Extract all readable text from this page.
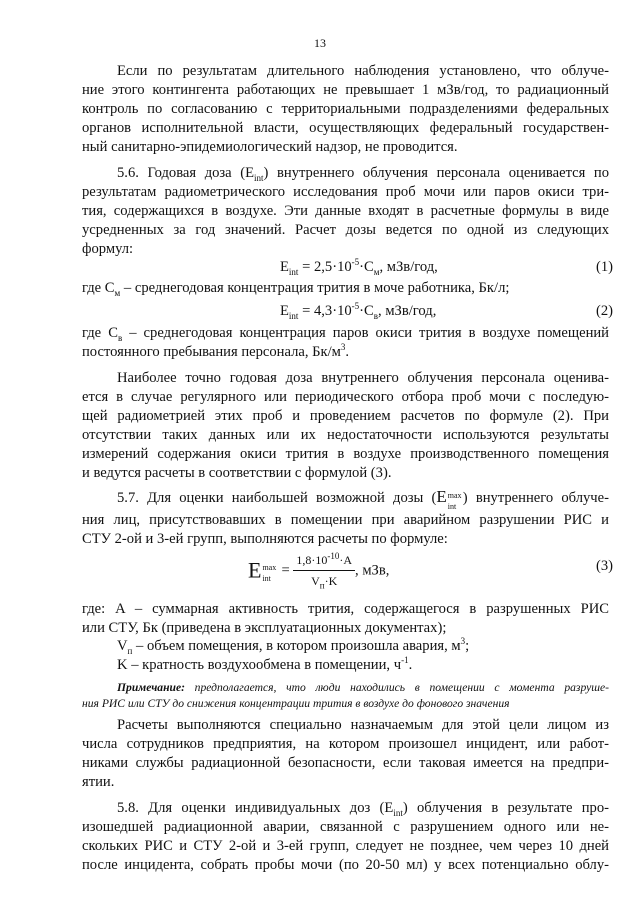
13
Если по результатам длительного наблюдения установлено, что облуче-
ние этого контингента работающих не превышает 1 мЗв/год, то радиационный
контроль по согласованию с территориальными подразделениями федеральных
органов исполнительной власти, осуществляющих федеральный государствен-
ный санитарно-эпидемиологический надзор, не проводится.
5.6. Годовая доза $(E_{int})$ внутреннего облучения персонала оценивается по
результатам радиометрического исследования проб мочи или паров окиси три-
тия, содержащихся в воздухе. Эти данные входят в расчетные формулы в виде
усредненных за год значений. Расчет дозы ведется по одной из следующих
формул:
$E_{int} = 2,5\cdot 10^{-5}\cdot C_м$, мЗв/год,	(1)
где $C_м$ – среднегодовая концентрация трития в моче работника, Бк/л;
$E_{int} = 4,3\cdot 10^{-5}\cdot C_в$, мЗв/год,	(2)
где $C_в$ – среднегодовая концентрация паров окиси трития в воздухе помещений
постоянного пребывания персонала, $Бк/м^3$.
Наиболее точно годовая доза внутреннего облучения персонала оценива-
ется в случае регулярного или периодического отбора проб мочи с последую-
щей радиометрией этих проб и проведением расчетов по формуле (2). При
отсутствии таких данных или их недостаточности используются результаты
измерений содержания окиси трития в воздухе производственного помещения
и ведутся расчеты в соответствии с формулой (3).
5.7. Для оценки наибольшей возможной дозы (E max
int
) внутреннего облуче-
ния лиц, присутствовавших в помещении при аварийном разрушении РИС и
СТУ 2-ой и 3-ей групп, выполняются расчеты по формуле:
E max
int = $\frac{1,8\cdot 10^{-10}\cdot A}{V_п\cdot K}$ , мЗв,	(3)
где: A – суммарная активность трития, содержащегося в разрушенных РИС
или СТУ, Бк (приведена в эксплуатационных документах);
$V_п$ – объем помещения, в котором произошла авария, $м^3$;
K – кратность воздухообмена в помещении, $ч^{-1}$.
Примечание: предполагается, что люди находились в помещении с момента разруше-
ния РИС или СТУ до снижения концентрации трития в воздухе до фонового значения
Расчеты выполняются специально назначаемым для этой цели лицом из
числа сотрудников предприятия, на котором произошел инцидент, или работ-
никами службы радиационной безопасности, если таковая имеется на предпри-
ятии.
5.8. Для оценки индивидуальных доз $(E_{int})$ облучения в результате про-
изошедшей радиационной аварии, связанной с разрушением одного или не-
скольких РИС и СТУ 2-ой и 3-ей групп, следует не позднее, чем через 10 дней
после инцидента, собрать пробы мочи (по 20-50 мл) у всех потенциально облу-
